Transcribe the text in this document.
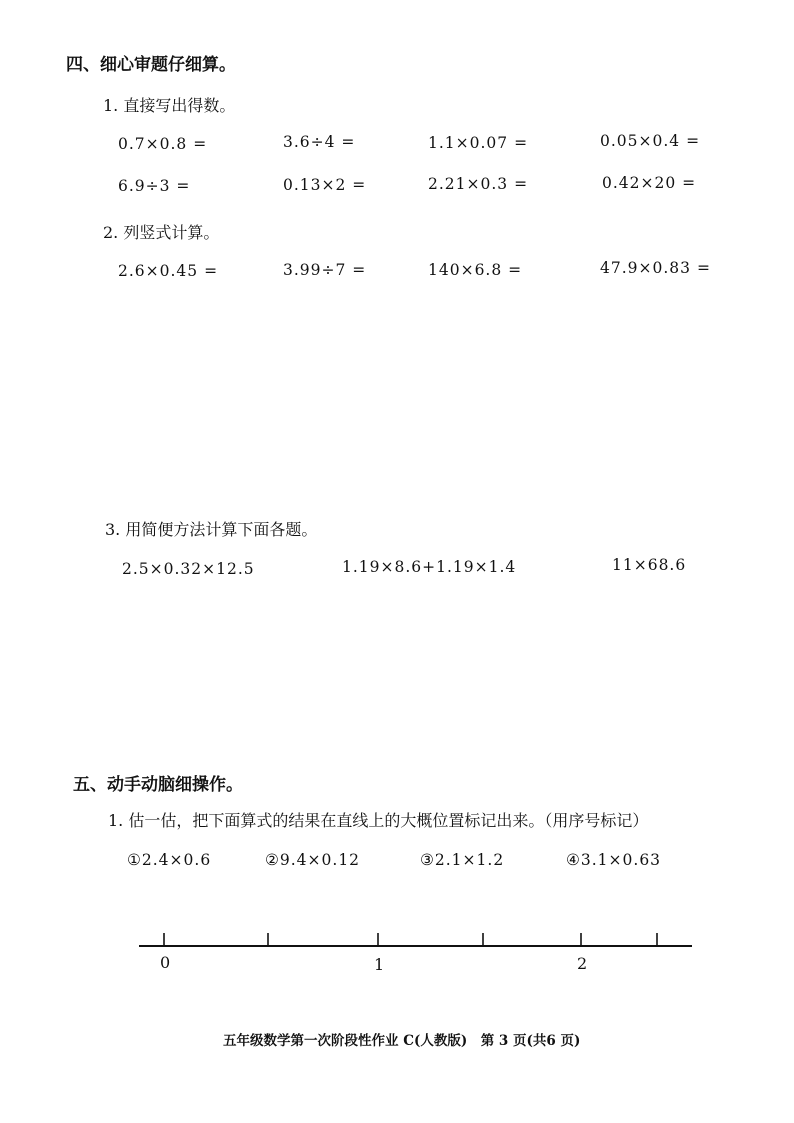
四、细心审题仔细算。
1. 直接写出得数。
0.7×0.8 =	3.6÷4 =	1.1×0.07 =	0.05×0.4 =
6.9÷3 =	0.13×2 =	2.21×0.3 =	0.42×20 =
2. 列竖式计算。
2.6×0.45 =	3.99÷7 =	140×6.8 =	47.9×0.83 =
3. 用简便方法计算下面各题。
2.5×0.32×12.5	1.19×8.6+1.19×1.4	11×68.6
五、动手动脑细操作。
1. 估一估，把下面算式的结果在直线上的大概位置标记出来。（用序号标记）
①2.4×0.6	②9.4×0.12	③2.1×1.2	④3.1×0.63
0	1	2
五年级数学第一次阶段性作业 C(人教版)　第 3 页(共6 页)
